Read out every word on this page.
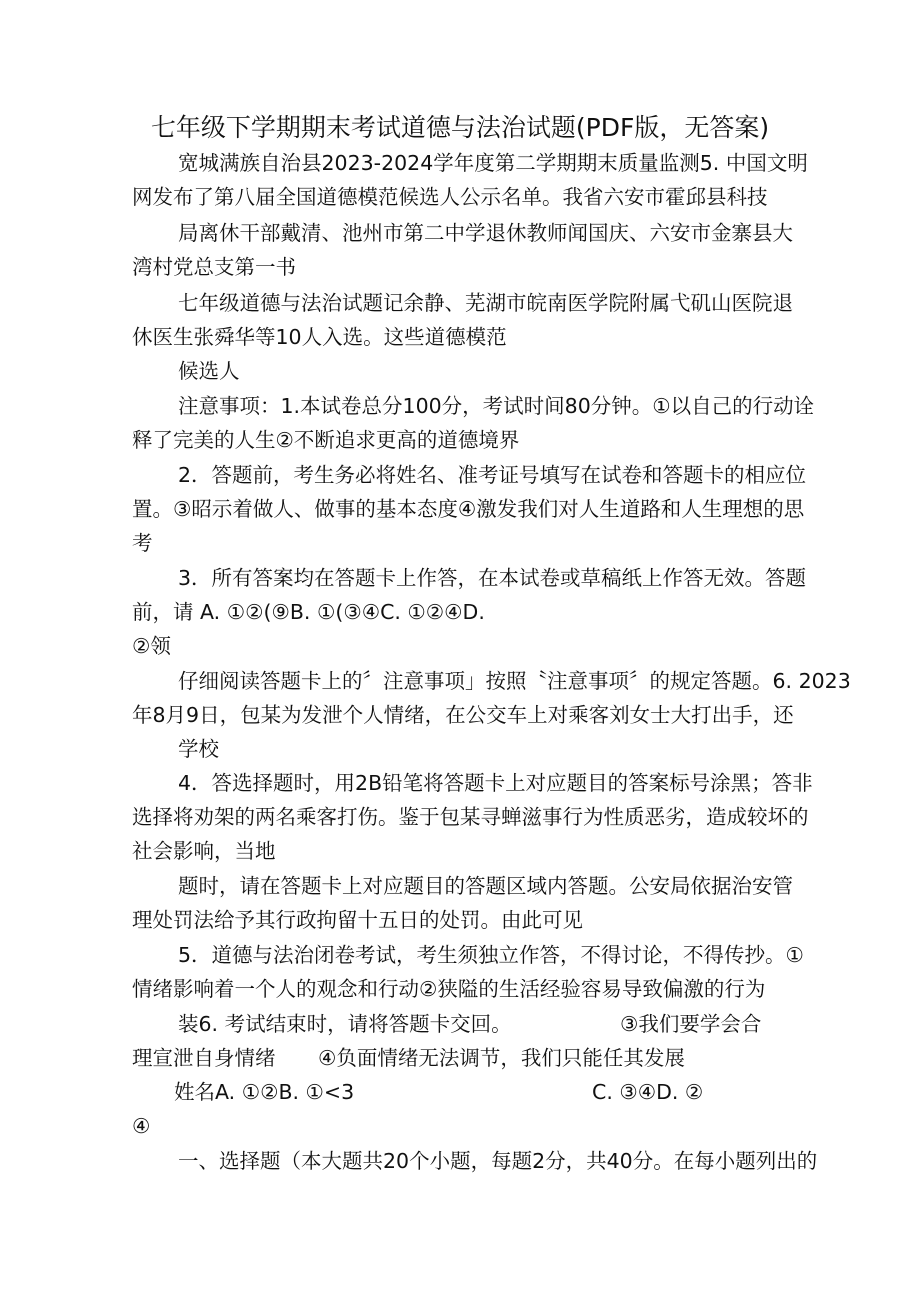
七年级下学期期末考试道德与法治试题(PDF版，无答案)
宽城满族自治县2023-2024学年度第二学期期末质量监测5. 中国文明
网发布了第八届全国道德模范候选人公示名单。我省六安市霍邱县科技
局离休干部戴清、池州市第二中学退休教师闻国庆、六安市金寨县大
湾村党总支第一书
七年级道德与法治试题记余静、芜湖市皖南医学院附属弋矶山医院退
休医生张舜华等10人入选。这些道德模范
候选人
注意事项：1.本试卷总分100分，考试时间80分钟。①以自己的行动诠
释了完美的人生②不断追求更高的道德境界
2．答题前，考生务必将姓名、准考证号填写在试卷和答题卡的相应位
置。③昭示着做人、做事的基本态度④激发我们对人生道路和人生理想的思
考
3．所有答案均在答题卡上作答，在本试卷或草稿纸上作答无效。答题
前，请 A. ①②(⑨B. ①(③④C. ①②④D.
②领
仔细阅读答题卡上的〞注意事项」按照〝注意事项〞的规定答题。6. 2023
年8月9日，包某为发泄个人情绪，在公交车上对乘客刘女士大打出手，还
学校
4．答选择题时，用2B铅笔将答题卡上对应题目的答案标号涂黑；答非
选择将劝架的两名乘客打伤。鉴于包某寻蝉滋事行为性质恶劣，造成较坏的
社会影响，当地
题时，请在答题卡上对应题目的答题区域内答题。公安局依据治安管
理处罚法给予其行政拘留十五日的处罚。由此可见
5．道德与法治闭卷考试，考生须独立作答，不得讨论，不得传抄。①
情绪影响着一个人的观念和行动②狭隘的生活经验容易导致偏激的行为
装6. 考试结束时，请将答题卡交回。	③我们要学会合
理宣泄自身情绪 ④负面情绪无法调节，我们只能任其发展
姓名A. ①②B. ①<3	C. ③④D. ②
④
一、选择题（本大题共20个小题，每题2分，共40分。在每小题列出的
